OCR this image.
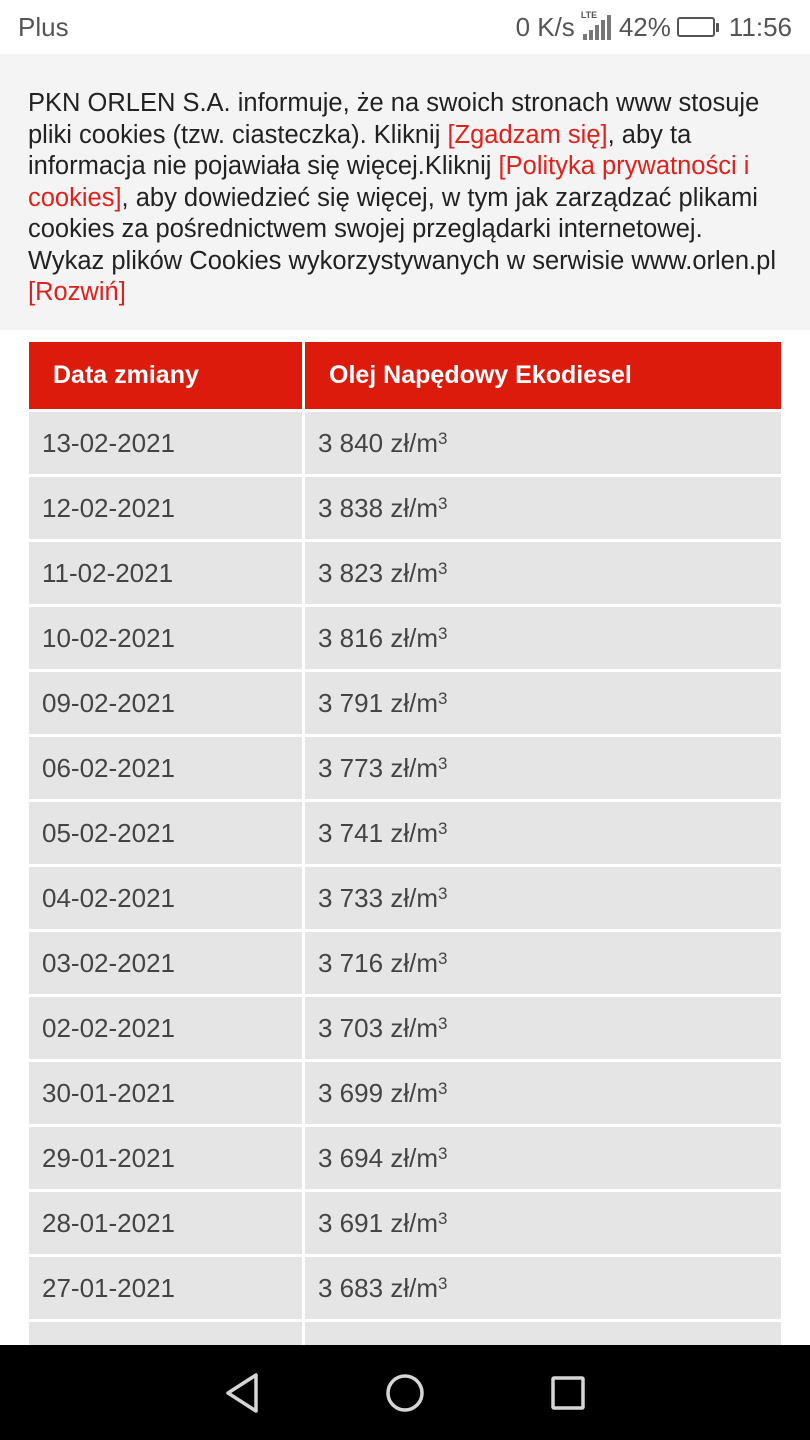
Plus	0 K/s LTE 42% 11:56
PKN ORLEN S.A. informuje, że na swoich stronach www stosuje pliki cookies (tzw. ciasteczka). Kliknij [Zgadzam się], aby ta informacja nie pojawiała się więcej.Kliknij [Polityka prywatności i cookies], aby dowiedzieć się więcej, w tym jak zarządzać plikami cookies za pośrednictwem swojej przeglądarki internetowej. Wykaz plików Cookies wykorzystywanych w serwisie www.orlen.pl [Rozwiń]
Data zmiany	Olej Napędowy Ekodiesel
13-02-2021	3 840
$zł/m^3$
12-02-2021	3 838
$zł/m^3$
11-02-2021	3 823
$zł/m^3$
10-02-2021	3 816
$zł/m^3$
09-02-2021	3 791
$zł/m^3$
06-02-2021	3 773
$zł/m^3$
05-02-2021	3 741
$zł/m^3$
04-02-2021	3 733
$zł/m^3$
03-02-2021	3 716
$zł/m^3$
02-02-2021	3 703
$zł/m^3$
30-01-2021	3 699
$zł/m^3$
29-01-2021	3 694
$zł/m^3$
28-01-2021	3 691
$zł/m^3$
27-01-2021	3 683
$zł/m^3$
